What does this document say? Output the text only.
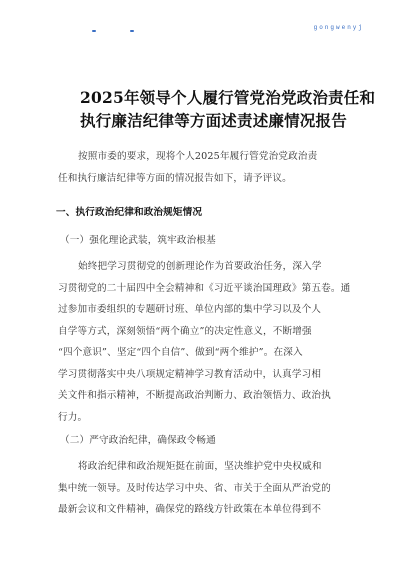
gongwenyj
2025年领导个人履行管党治党政治责任和
执行廉洁纪律等方面述责述廉情况报告
按照市委的要求，现将个人2025年履行管党治党政治责
任和执行廉洁纪律等方面的情况报告如下，请予评议。
一、执行政治纪律和政治规矩情况
（一）强化理论武装，筑牢政治根基
始终把学习贯彻党的创新理论作为首要政治任务，深入学
习贯彻党的二十届四中全会精神和《习近平谈治国理政》第五卷。通
过参加市委组织的专题研讨班、单位内部的集中学习以及个人
自学等方式，深刻领悟“两个确立”的决定性意义，不断增强
“四个意识”、坚定“四个自信”、做到“两个维护”。在深入
学习贯彻落实中央八项规定精神学习教育活动中，认真学习相
关文件和指示精神，不断提高政治判断力、政治领悟力、政治执
行力。
（二）严守政治纪律，确保政令畅通
将政治纪律和政治规矩挺在前面，坚决维护党中央权威和
集中统一领导。及时传达学习中央、省、市关于全面从严治党的
最新会议和文件精神，确保党的路线方针政策在本单位得到不
